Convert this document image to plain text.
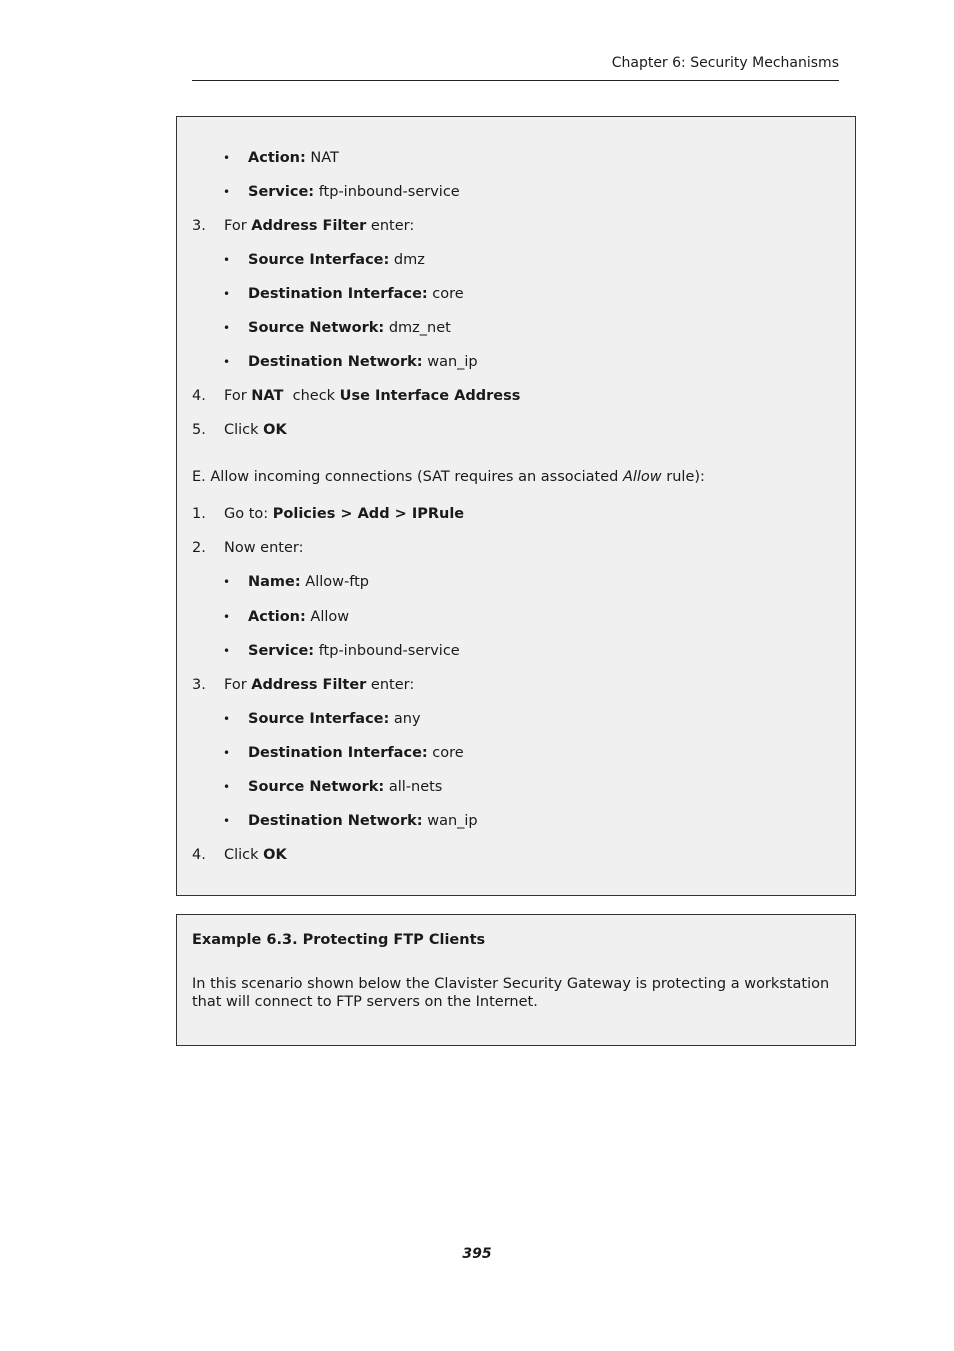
Chapter 6: Security Mechanisms
• Action: NAT
• Service: ftp-inbound-service
3. For Address Filter enter:
• Source Interface: dmz
• Destination Interface: core
• Source Network: dmz_net
• Destination Network: wan_ip
4. For NAT  check Use Interface Address
5. Click OK
E. Allow incoming connections (SAT requires an associated Allow rule):
1. Go to: Policies > Add > IPRule
2. Now enter:
• Name: Allow-ftp
• Action: Allow
• Service: ftp-inbound-service
3. For Address Filter enter:
• Source Interface: any
• Destination Interface: core
• Source Network: all-nets
• Destination Network: wan_ip
4. Click OK
Example 6.3. Protecting FTP Clients
In this scenario shown below the Clavister Security Gateway is protecting a workstation that will connect to FTP servers on the Internet.
395
